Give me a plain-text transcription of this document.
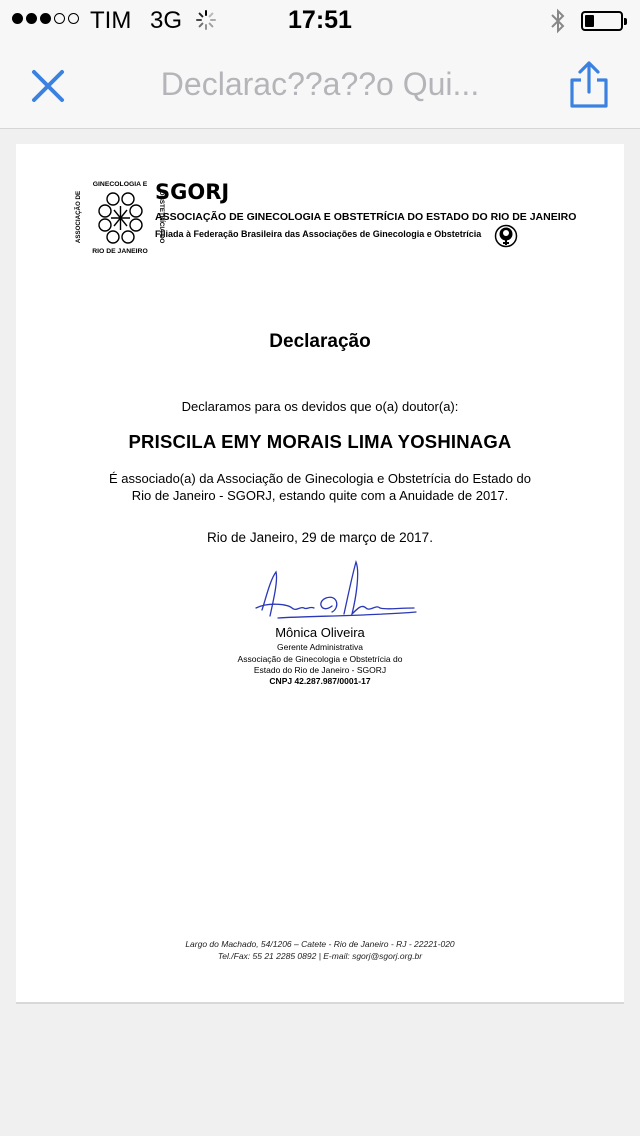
TIM 3G	17:51
Declarac??a??o Qui...
GINECOLOGIA E
RIO DE JANEIRO
ASSOCIAÇÃO DE	OBSTETRÍCIA DO
SGORJ
ASSOCIAÇÃO DE GINECOLOGIA E OBSTETRÍCIA DO ESTADO DO RIO DE JANEIRO
Filiada à Federação Brasileira das Associações de Ginecologia e Obstetrícia
Declaração
Declaramos para os devidos que o(a) doutor(a):
PRISCILA EMY MORAIS LIMA YOSHINAGA
É associado(a) da Associação de Ginecologia e Obstetrícia do Estado do
Rio de Janeiro - SGORJ, estando quite com a Anuidade de 2017.
Rio de Janeiro, 29 de março de 2017.
Mônica Oliveira
Gerente Administrativa
Associação de Ginecologia e Obstetrícia do
Estado do Rio de Janeiro - SGORJ
CNPJ 42.287.987/0001-17
Largo do Machado, 54/1206 – Catete - Rio de Janeiro - RJ - 22221-020
Tel./Fax: 55 21 2285 0892 | E-mail: sgorj@sgorj.org.br
